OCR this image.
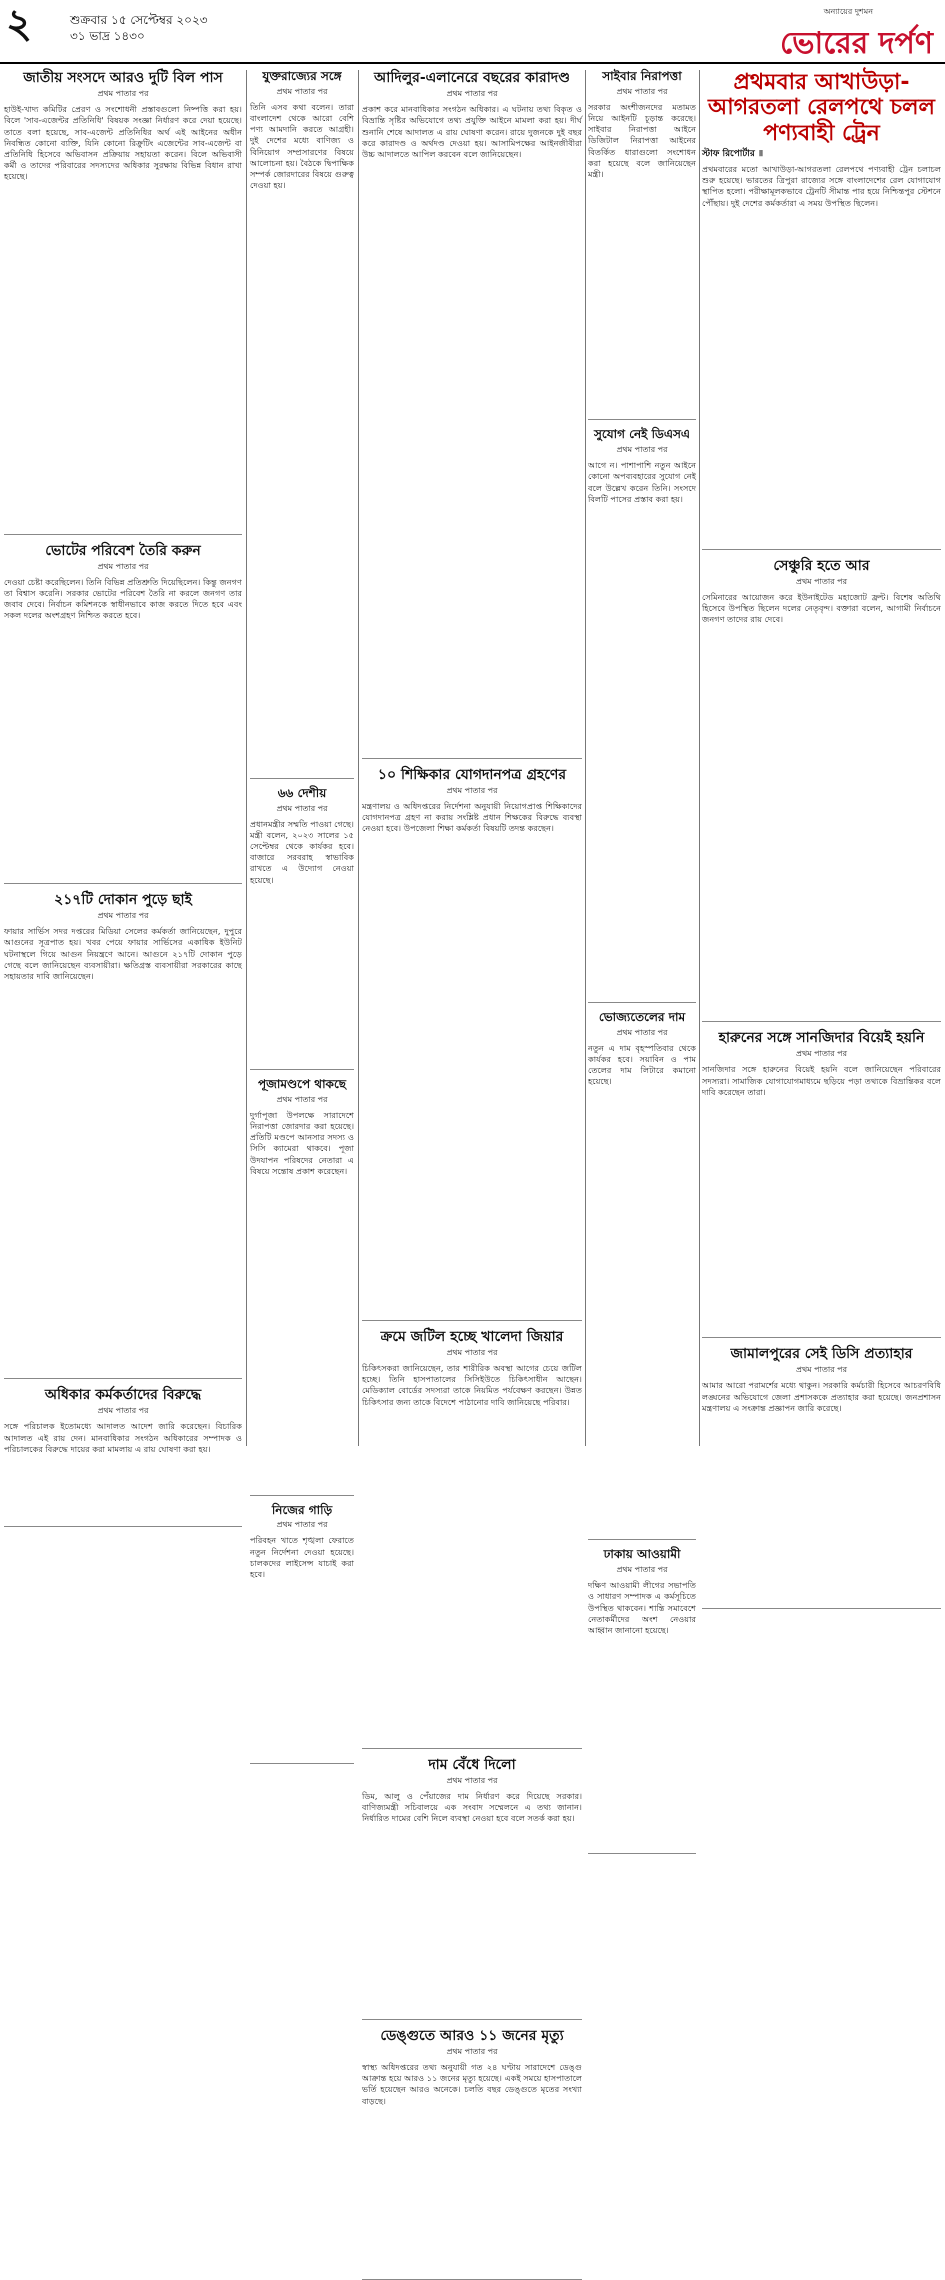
২	শুক্রবার ১৫ সেপ্টেম্বর ২০২৩
৩১ ভাদ্র ১৪৩০
অন্যায়ের দুশমন
ভোরের দর্পণ
জাতীয় সংসদে আরও দুটি বিল পাস
প্রথম পাতার পর
হাউই-খাদ্য কমিটির প্রেরণ ও সংশোধনী প্রস্তাবগুলো নিষ্পত্তি করা হয়। বিলে 'সাব-এজেন্টর প্রতিনিধি' বিষয়ক সংজ্ঞা নির্ধারণ করে দেয়া হয়েছে। তাতে বলা হয়েছে, সাব-এজেন্ট প্রতিনিধির অর্থ এই আইনের অধীন নিবন্ধিত কোনো ব্যক্তি, যিনি কোনো রিক্রুটিং এজেন্টের সাব-এজেন্ট বা প্রতিনিধি হিসেবে অভিবাসন প্রক্রিয়ায় সহায়তা করেন। বিলে অভিবাসী কর্মী ও তাদের পরিবারের সদস্যদের অধিকার সুরক্ষায় বিভিন্ন বিধান রাখা হয়েছে।
ভোটের পরিবেশ তৈরি করুন
প্রথম পাতার পর
দেওয়া চেষ্টা করেছিলেন। তিনি বিভিন্ন প্রতিশ্রুতি দিয়েছিলেন। কিন্তু জনগণ তা বিশ্বাস করেনি। সরকার ভোটের পরিবেশ তৈরি না করলে জনগণ তার জবাব দেবে। নির্বাচন কমিশনকে স্বাধীনভাবে কাজ করতে দিতে হবে এবং সকল দলের অংশগ্রহণ নিশ্চিত করতে হবে।
২১৭টি দোকান পুড়ে ছাই
প্রথম পাতার পর
ফায়ার সার্ভিস সদর দপ্তরের মিডিয়া সেলের কর্মকর্তা জানিয়েছেন, দুপুরে আগুনের সূত্রপাত হয়। খবর পেয়ে ফায়ার সার্ভিসের একাধিক ইউনিট ঘটনাস্থলে গিয়ে আগুন নিয়ন্ত্রণে আনে। আগুনে ২১৭টি দোকান পুড়ে গেছে বলে জানিয়েছেন ব্যবসায়ীরা। ক্ষতিগ্রস্ত ব্যবসায়ীরা সরকারের কাছে সহায়তার দাবি জানিয়েছেন।
অধিকার কর্মকর্তাদের বিরুদ্ধে
প্রথম পাতার পর
সঙ্গে পরিচালক ইতোমধ্যে আদালত আদেশ জারি করেছেন। বিচারিক আদালত এই রায় দেন। মানবাধিকার সংগঠন অধিকারের সম্পাদক ও পরিচালকের বিরুদ্ধে দায়ের করা মামলায় এ রায় ঘোষণা করা হয়।
যুক্তরাজ্যের সঙ্গে
প্রথম পাতার পর
তিনি এসব কথা বলেন। তারা বাংলাদেশ থেকে আরো বেশি পণ্য আমদানি করতে আগ্রহী। দুই দেশের মধ্যে বাণিজ্য ও বিনিয়োগ সম্প্রসারণের বিষয়ে আলোচনা হয়। বৈঠকে দ্বিপাক্ষিক সম্পর্ক জোরদারের বিষয়ে গুরুত্ব দেওয়া হয়।
৬৬ দেশীয়
প্রথম পাতার পর
প্রধানমন্ত্রীর সম্মতি পাওয়া গেছে। মন্ত্রী বলেন, ২০২৩ সালের ১৫ সেপ্টেম্বর থেকে কার্যকর হবে। বাজারে সরবরাহ স্বাভাবিক রাখতে এ উদ্যোগ নেওয়া হয়েছে।
পূজামণ্ডপে থাকছে
প্রথম পাতার পর
দুর্গাপূজা উপলক্ষে সারাদেশে নিরাপত্তা জোরদার করা হয়েছে। প্রতিটি মণ্ডপে আনসার সদস্য ও সিসি ক্যামেরা থাকবে। পূজা উদযাপন পরিষদের নেতারা এ বিষয়ে সন্তোষ প্রকাশ করেছেন।
নিজের গাড়ি
প্রথম পাতার পর
পরিবহন খাতে শৃঙ্খলা ফেরাতে নতুন নির্দেশনা দেওয়া হয়েছে। চালকদের লাইসেন্স যাচাই করা হবে।
আদিলুর-এলানেরে বছরের কারাদণ্ড
প্রথম পাতার পর
প্রকাশ করে মানবাধিকার সংগঠন অধিকার। এ ঘটনায় তথ্য বিকৃত ও বিভ্রান্তি সৃষ্টির অভিযোগে তথ্য প্রযুক্তি আইনে মামলা করা হয়। দীর্ঘ শুনানি শেষে আদালত এ রায় ঘোষণা করেন। রায়ে দুজনকে দুই বছর করে কারাদণ্ড ও অর্থদণ্ড দেওয়া হয়। আসামিপক্ষের আইনজীবীরা উচ্চ আদালতে আপিল করবেন বলে জানিয়েছেন।
১০ শিক্ষিকার যোগদানপত্র গ্রহণের
প্রথম পাতার পর
মন্ত্রণালয় ও অধিদপ্তরের নির্দেশনা অনুযায়ী নিয়োগপ্রাপ্ত শিক্ষিকাদের যোগদানপত্র গ্রহণ না করায় সংশ্লিষ্ট প্রধান শিক্ষকের বিরুদ্ধে ব্যবস্থা নেওয়া হবে। উপজেলা শিক্ষা কর্মকর্তা বিষয়টি তদন্ত করছেন।
ক্রমে জটিল হচ্ছে খালেদা জিয়ার
প্রথম পাতার পর
চিকিৎসকরা জানিয়েছেন, তার শারীরিক অবস্থা আগের চেয়ে জটিল হচ্ছে। তিনি হাসপাতালের সিসিইউতে চিকিৎসাধীন আছেন। মেডিক্যাল বোর্ডের সদস্যরা তাকে নিয়মিত পর্যবেক্ষণ করছেন। উন্নত চিকিৎসার জন্য তাকে বিদেশে পাঠানোর দাবি জানিয়েছে পরিবার।
দাম বেঁধে দিলো
প্রথম পাতার পর
ডিম, আলু ও পেঁয়াজের দাম নির্ধারণ করে দিয়েছে সরকার। বাণিজ্যমন্ত্রী সচিবালয়ে এক সংবাদ সম্মেলনে এ তথ্য জানান। নির্ধারিত দামের বেশি নিলে ব্যবস্থা নেওয়া হবে বলে সতর্ক করা হয়।
ডেঙ্গুতে আরও ১১ জনের মৃত্যু
প্রথম পাতার পর
স্বাস্থ্য অধিদপ্তরের তথ্য অনুযায়ী গত ২৪ ঘণ্টায় সারাদেশে ডেঙ্গু আক্রান্ত হয়ে আরও ১১ জনের মৃত্যু হয়েছে। একই সময়ে হাসপাতালে ভর্তি হয়েছেন আরও অনেকে। চলতি বছর ডেঙ্গুতে মৃতের সংখ্যা বাড়ছে।
সাইবার নিরাপত্তা
প্রথম পাতার পর
সরকার অংশীজনদের মতামত নিয়ে আইনটি চূড়ান্ত করেছে। সাইবার নিরাপত্তা আইনে ডিজিটাল নিরাপত্তা আইনের বিতর্কিত ধারাগুলো সংশোধন করা হয়েছে বলে জানিয়েছেন মন্ত্রী।
সুযোগ নেই ডিএসএ
প্রথম পাতার পর
আগে ন। পাশাপাশি নতুন আইনে কোনো অপব্যবহারের সুযোগ নেই বলে উল্লেখ করেন তিনি। সংসদে বিলটি পাসের প্রস্তাব করা হয়।
ভোজ্যতেলের দাম
প্রথম পাতার পর
নতুন এ দাম বৃহস্পতিবার থেকে কার্যকর হবে। সয়াবিন ও পাম তেলের দাম লিটারে কমানো হয়েছে।
ঢাকায় আওয়ামী
প্রথম পাতার পর
দক্ষিণ আওয়ামী লীগের সভাপতি ও সাধারণ সম্পাদক এ কর্মসূচিতে উপস্থিত থাকবেন। শান্তি সমাবেশে নেতাকর্মীদের অংশ নেওয়ার আহ্বান জানানো হয়েছে।
প্রথমবার আখাউড়া-আগরতলা রেলপথে চলল পণ্যবাহী ট্রেন
স্টাফ রিপোর্টার ॥
প্রথমবারের মতো আখাউড়া-আগরতলা রেলপথে পণ্যবাহী ট্রেন চলাচল শুরু হয়েছে। ভারতের ত্রিপুরা রাজ্যের সঙ্গে বাংলাদেশের রেল যোগাযোগ স্থাপিত হলো। পরীক্ষামূলকভাবে ট্রেনটি সীমান্ত পার হয়ে নিশ্চিন্তপুর স্টেশনে পৌঁছায়। দুই দেশের কর্মকর্তারা এ সময় উপস্থিত ছিলেন।
সেঞ্চুরি হতে আর
প্রথম পাতার পর
সেমিনারের আয়োজন করে ইউনাইটেড মহাজোট ফ্রন্ট। বিশেষ অতিথি হিসেবে উপস্থিত ছিলেন দলের নেতৃবৃন্দ। বক্তারা বলেন, আগামী নির্বাচনে জনগণ তাদের রায় দেবে।
হারুনের সঙ্গে সানজিদার বিয়েই হয়নি
প্রথম পাতার পর
সানজিদার সঙ্গে হারুনের বিয়েই হয়নি বলে জানিয়েছেন পরিবারের সদস্যরা। সামাজিক যোগাযোগমাধ্যমে ছড়িয়ে পড়া তথ্যকে বিভ্রান্তিকর বলে দাবি করেছেন তারা।
জামালপুরের সেই ডিসি প্রত্যাহার
প্রথম পাতার পর
আমার আরো পরামর্শের মধ্যে থাকুন। সরকারি কর্মচারী হিসেবে আচরণবিধি লঙ্ঘনের অভিযোগে জেলা প্রশাসককে প্রত্যাহার করা হয়েছে। জনপ্রশাসন মন্ত্রণালয় এ সংক্রান্ত প্রজ্ঞাপন জারি করেছে।
